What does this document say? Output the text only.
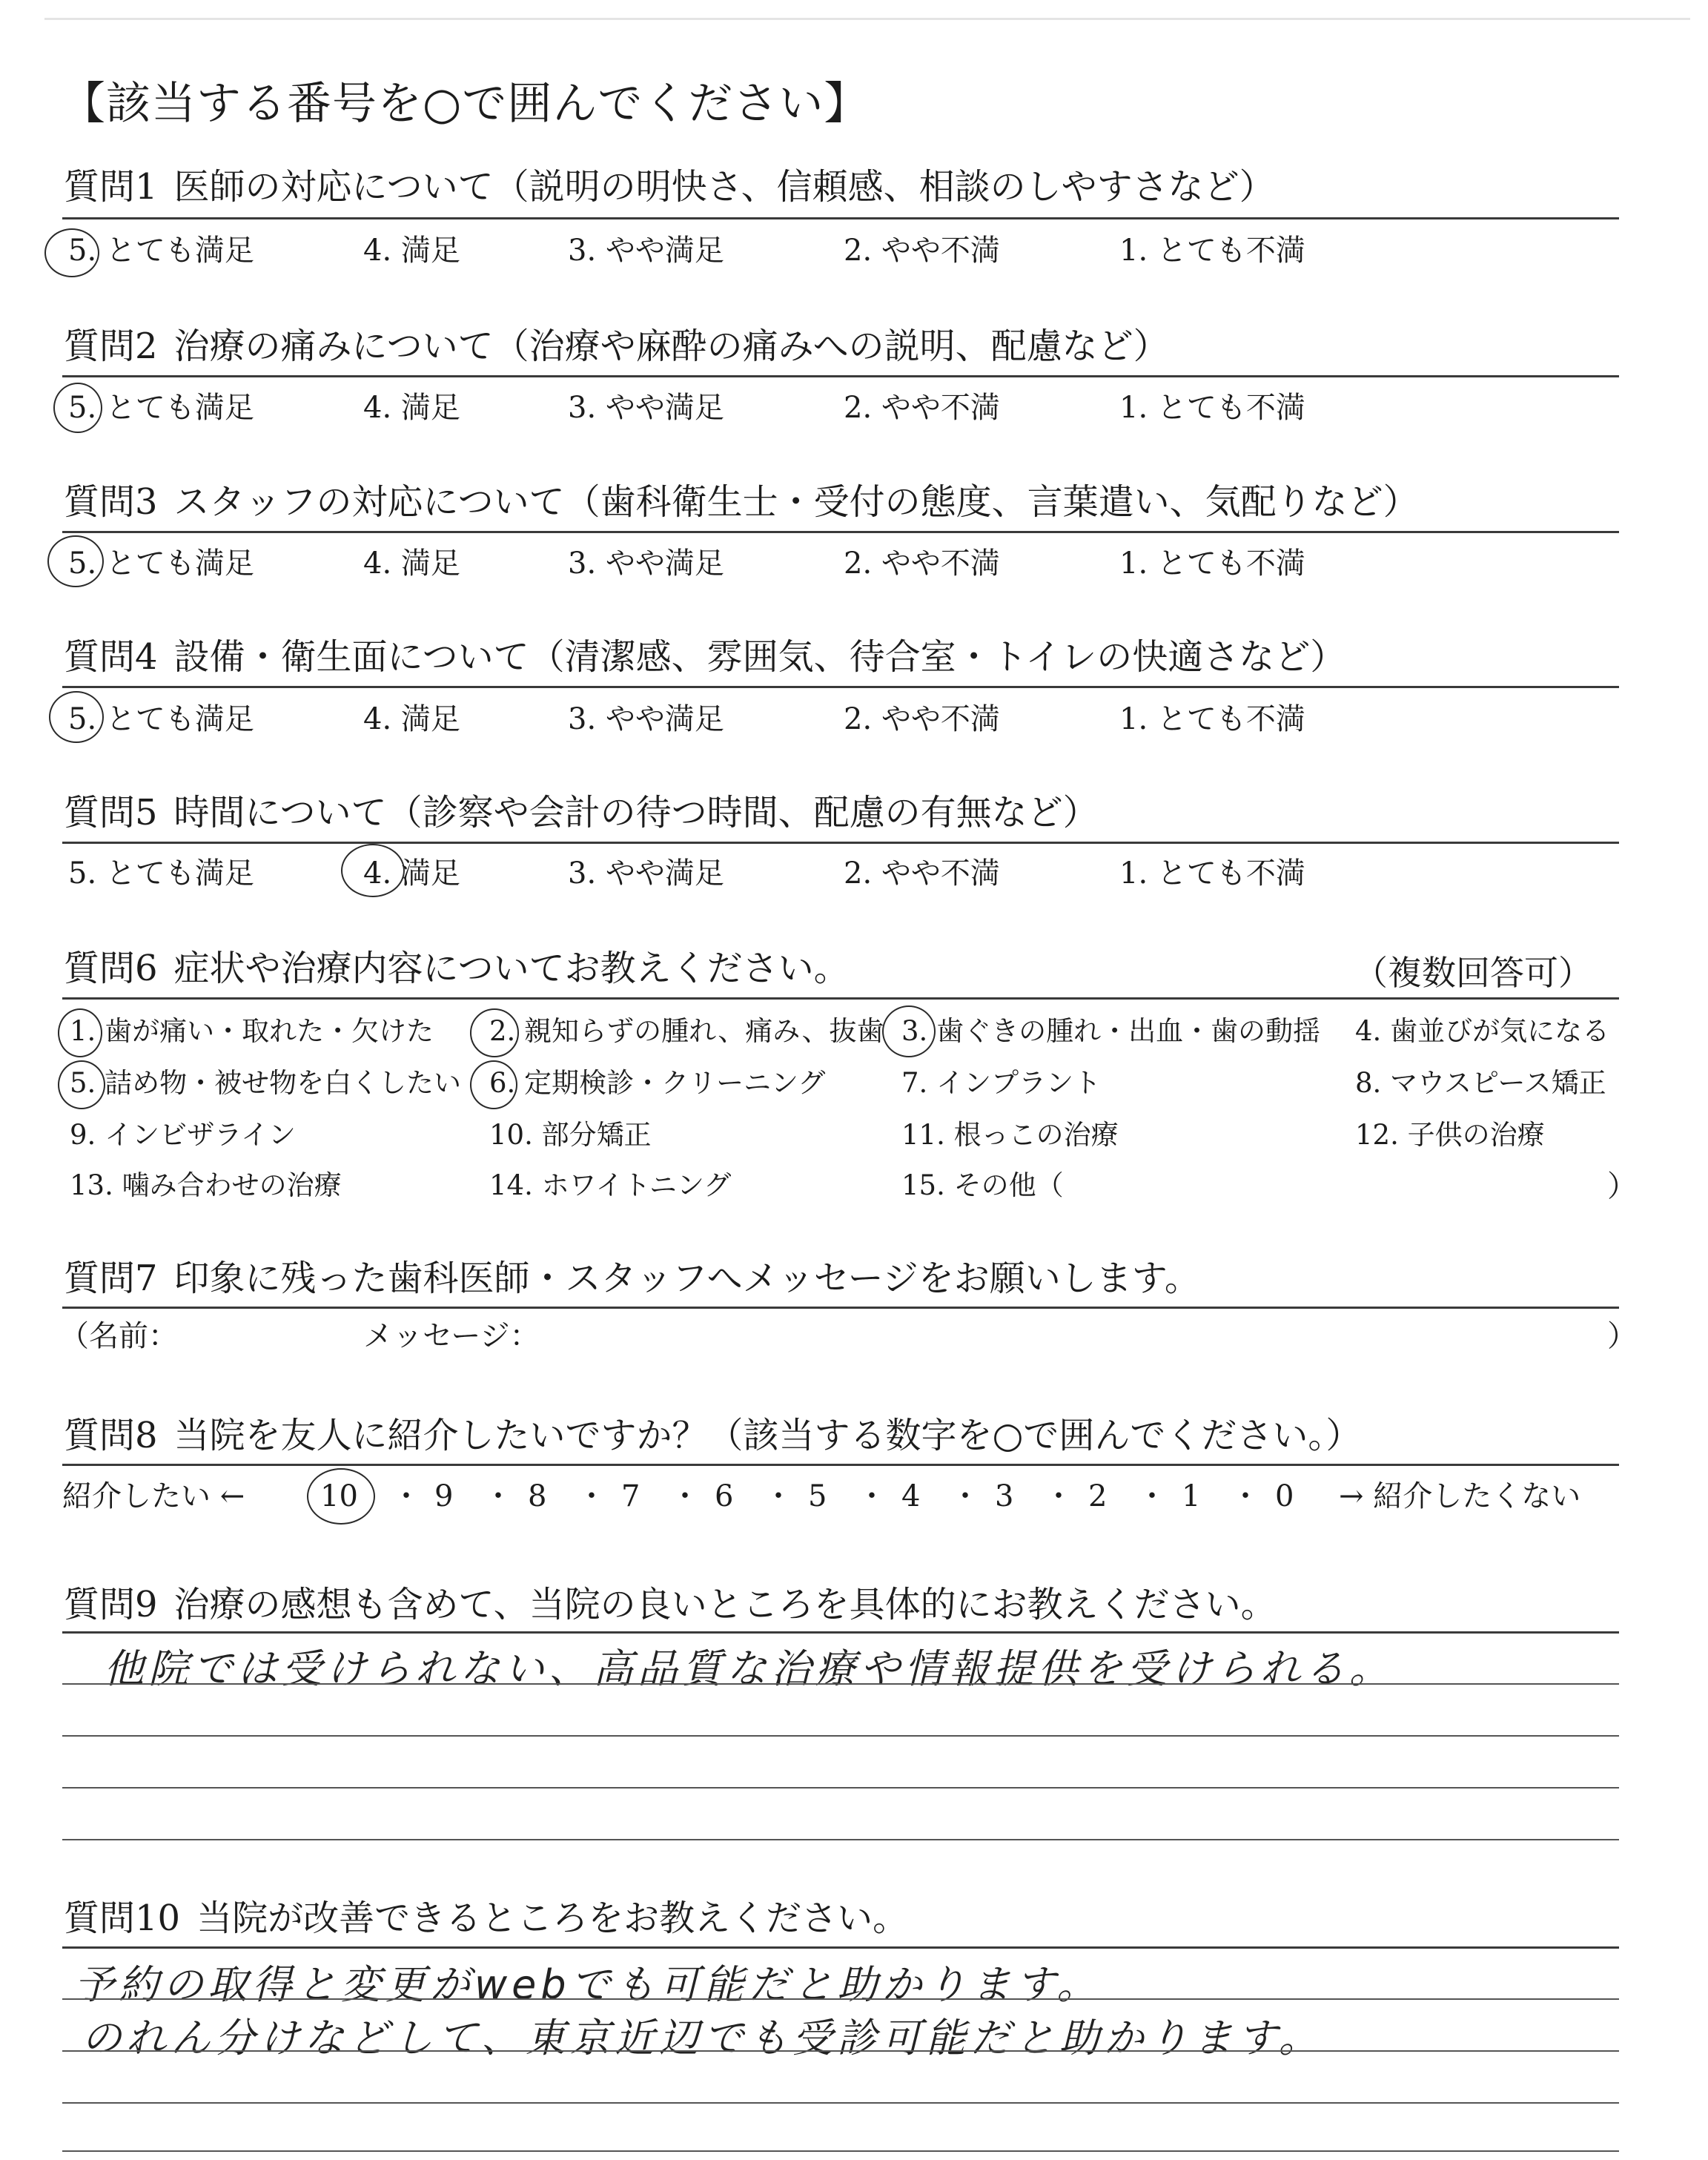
【該当する番号を○で囲んでください】
質問1 医師の対応について（説明の明快さ、信頼感、相談のしやすさなど）
5. とても満足	4. 満足	3. やや満足	2. やや不満	1. とても不満
質問2 治療の痛みについて（治療や麻酔の痛みへの説明、配慮など）
5. とても満足	4. 満足	3. やや満足	2. やや不満	1. とても不満
質問3 スタッフの対応について（歯科衛生士・受付の態度、言葉遣い、気配りなど）
5. とても満足	4. 満足	3. やや満足	2. やや不満	1. とても不満
質問4 設備・衛生面について（清潔感、雰囲気、待合室・トイレの快適さなど）
5. とても満足	4. 満足	3. やや満足	2. やや不満	1. とても不満
質問5 時間について（診察や会計の待つ時間、配慮の有無など）
5. とても満足	4. 満足	3. やや満足	2. やや不満	1. とても不満
質問6 症状や治療内容についてお教えください。	（複数回答可）
1. 歯が痛い・取れた・欠けた 2. 親知らずの腫れ、痛み、抜歯 3. 歯ぐきの腫れ・出血・歯の動揺 4. 歯並びが気になる
5. 詰め物・被せ物を白くしたい 6. 定期検診・クリーニング	7. インプラント	8. マウスピース矯正
9. インビザライン	10. 部分矯正	11. 根っこの治療	12. 子供の治療
13. 噛み合わせの治療	14. ホワイトニング	15. その他（	）
質問7 印象に残った歯科医師・スタッフへメッセージをお願いします。
（名前：	メッセージ：	）
質問8 当院を友人に紹介したいですか？（該当する数字を○で囲んでください。）
紹介したい ←	10 ・ 9 ・ 8 ・ 7 ・ 6 ・ 5 ・ 4 ・ 3 ・ 2 ・ 1 ・ 0 → 紹介したくない
質問9 治療の感想も含めて、当院の良いところを具体的にお教えください。
他院では受けられない、高品質な治療や情報提供を受けられる。
質問10 当院が改善できるところをお教えください。
予約の取得と変更がwebでも可能だと助かります。
のれん分けなどして、東京近辺でも受診可能だと助かります。
